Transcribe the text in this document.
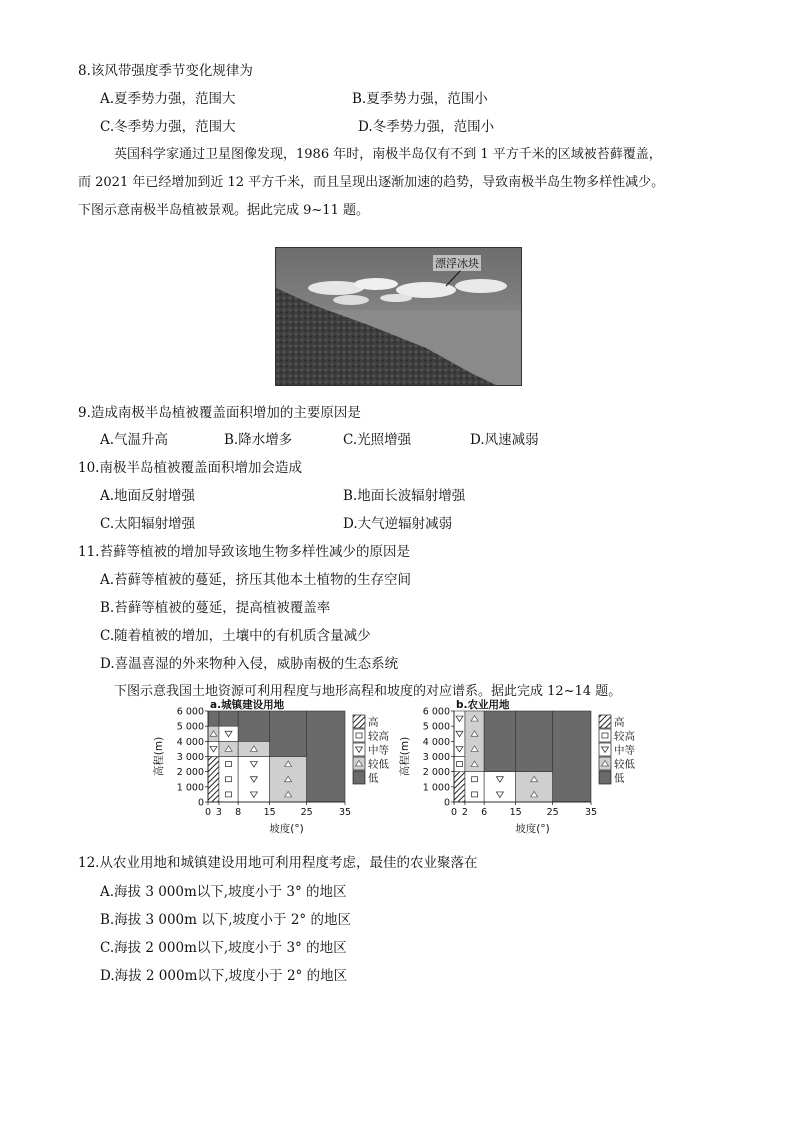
8.该风带强度季节变化规律为
A.夏季势力强，范围大	B.夏季势力强，范围小
C.冬季势力强，范围大	D.冬季势力强，范围小
英国科学家通过卫星图像发现，1986 年时，南极半岛仅有不到 1 平方千米的区域被苔藓覆盖，
而 2021 年已经增加到近 12 平方千米，而且呈现出逐渐加速的趋势，导致南极半岛生物多样性减少。
下图示意南极半岛植被景观。据此完成 9~11 题。
漂浮冰块
9.造成南极半岛植被覆盖面积增加的主要原因是
A.气温升高	B.降水增多	C.光照增强	D.风速减弱
10.南极半岛植被覆盖面积增加会造成
A.地面反射增强	B.地面长波辐射增强
C.太阳辐射增强	D.大气逆辐射减弱
11.苔藓等植被的增加导致该地生物多样性减少的原因是
A.苔藓等植被的蔓延，挤压其他本土植物的生存空间
B.苔藓等植被的蔓延，提高植被覆盖率
C.随着植被的增加，土壤中的有机质含量减少
D.喜温喜湿的外来物种入侵，威胁南极的生态系统
下图示意我国土地资源可利用程度与地形高程和坡度的对应谱系。据此完成 12~14 题。
a.城镇建设用地
0
1 000
2 000
3 000
4 000
5 000
6 000
0 3 8 15	25	35
坡度(°)
高程(m)
高
较高
中等
较低
低
b.农业用地
0
1 000
2 000
3 000
4 000
5 000
6 000
0 2 6 15	25	35
坡度(°)
高程(m)
高
较高
中等
较低
低
12.从农业用地和城镇建设用地可利用程度考虑，最佳的农业聚落在
A.海拔 3 000m以下,坡度小于 3° 的地区
B.海拔 3 000m 以下,坡度小于 2° 的地区
C.海拔 2 000m以下,坡度小于 3° 的地区
D.海拔 2 000m以下,坡度小于 2° 的地区
